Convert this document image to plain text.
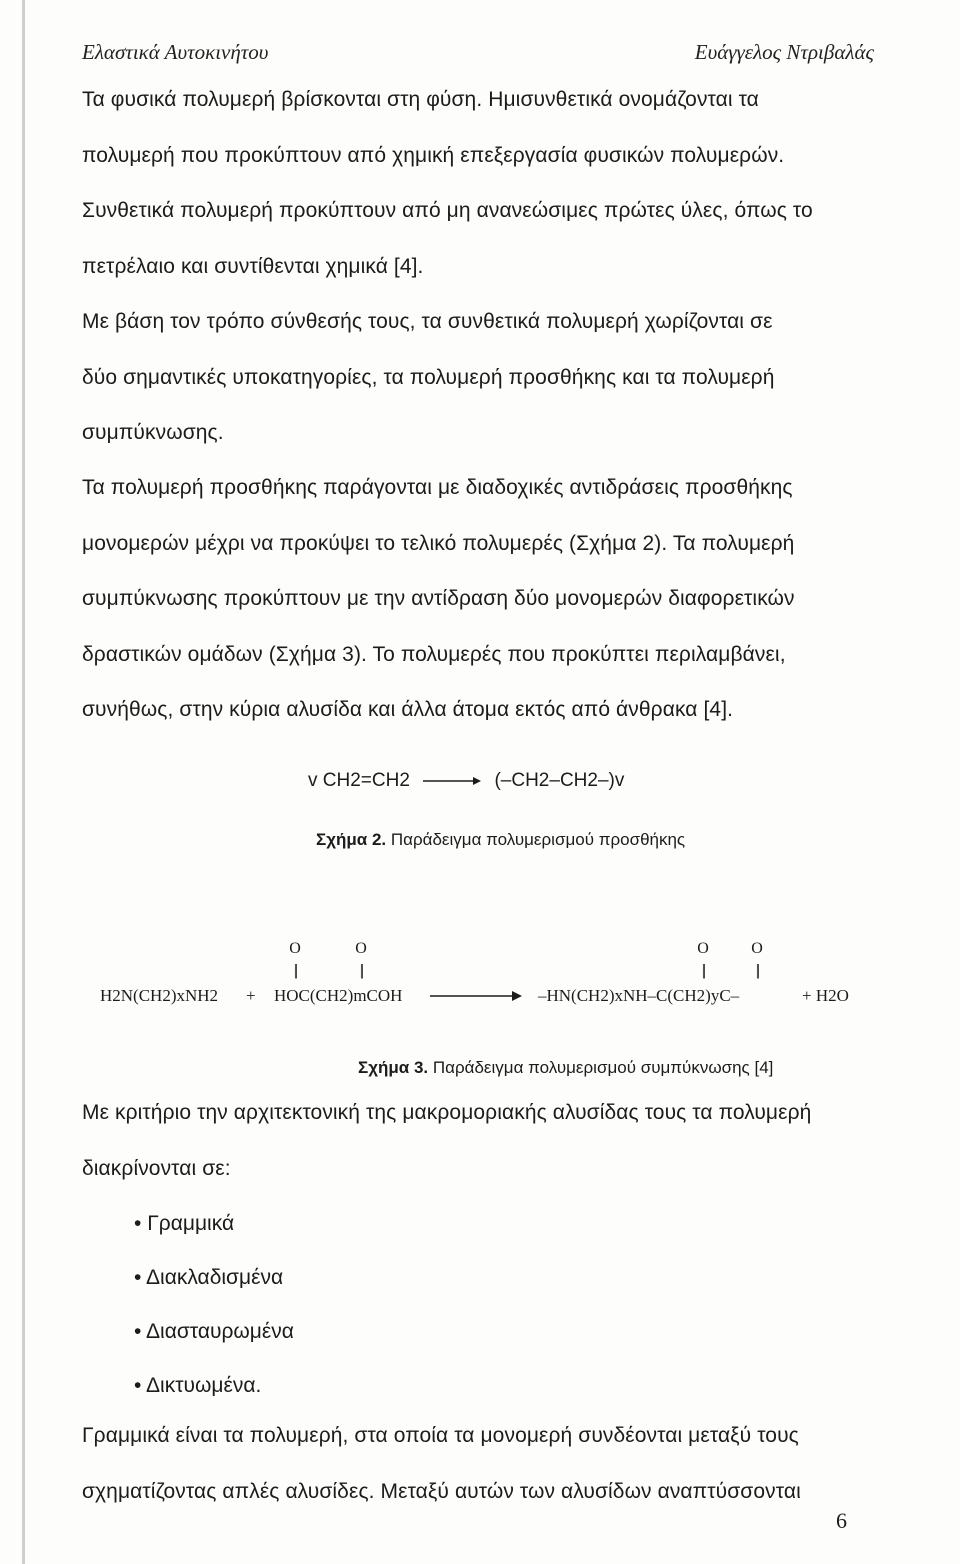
Ελαστικά Αυτοκινήτου	Ευάγγελος Ντριβαλάς

Τα φυσικά πολυμερή βρίσκονται στη φύση. Ημισυνθετικά ονομάζονται τα
πολυμερή που προκύπτουν από χημική επεξεργασία φυσικών πολυμερών.
Συνθετικά πολυμερή προκύπτουν από μη ανανεώσιμες πρώτες ύλες, όπως το
πετρέλαιο και συντίθενται χημικά [4].

Με βάση τον τρόπο σύνθεσής τους, τα συνθετικά πολυμερή χωρίζονται σε
δύο σημαντικές υποκατηγορίες, τα πολυμερή προσθήκης και τα πολυμερή
συμπύκνωσης.

Τα πολυμερή προσθήκης παράγονται με διαδοχικές αντιδράσεις προσθήκης
μονομερών μέχρι να προκύψει το τελικό πολυμερές (Σχήμα 2). Τα πολυμερή
συμπύκνωσης προκύπτουν με την αντίδραση δύο μονομερών διαφορετικών
δραστικών ομάδων (Σχήμα 3). Το πολυμερές που προκύπτει περιλαμβάνει,
συνήθως, στην κύρια αλυσίδα και άλλα άτομα εκτός από άνθρακα [4].

v CH2=CH2 → (–CH2–CH2–)v
Σχήμα 2. Παράδειγμα πολυμερισμού προσθήκης
O	O	O	O
||	||	||	||
H2N(CH2)xNH2 + HOC(CH2)mCOH	–HN(CH2)xNH–C(CH2)yC–	+ H2O
Σχήμα 3. Παράδειγμα πολυμερισμού συμπύκνωσης [4]

Με κριτήριο την αρχιτεκτονική της μακρομοριακής αλυσίδας τους τα πολυμερή
διακρίνονται σε:

• Γραμμικά
• Διακλαδισμένα
• Διασταυρωμένα
• Δικτυωμένα.

Γραμμικά είναι τα πολυμερή, στα οποία τα μονομερή συνδέονται μεταξύ τους
σχηματίζοντας απλές αλυσίδες. Μεταξύ αυτών των αλυσίδων αναπτύσσονται

6
